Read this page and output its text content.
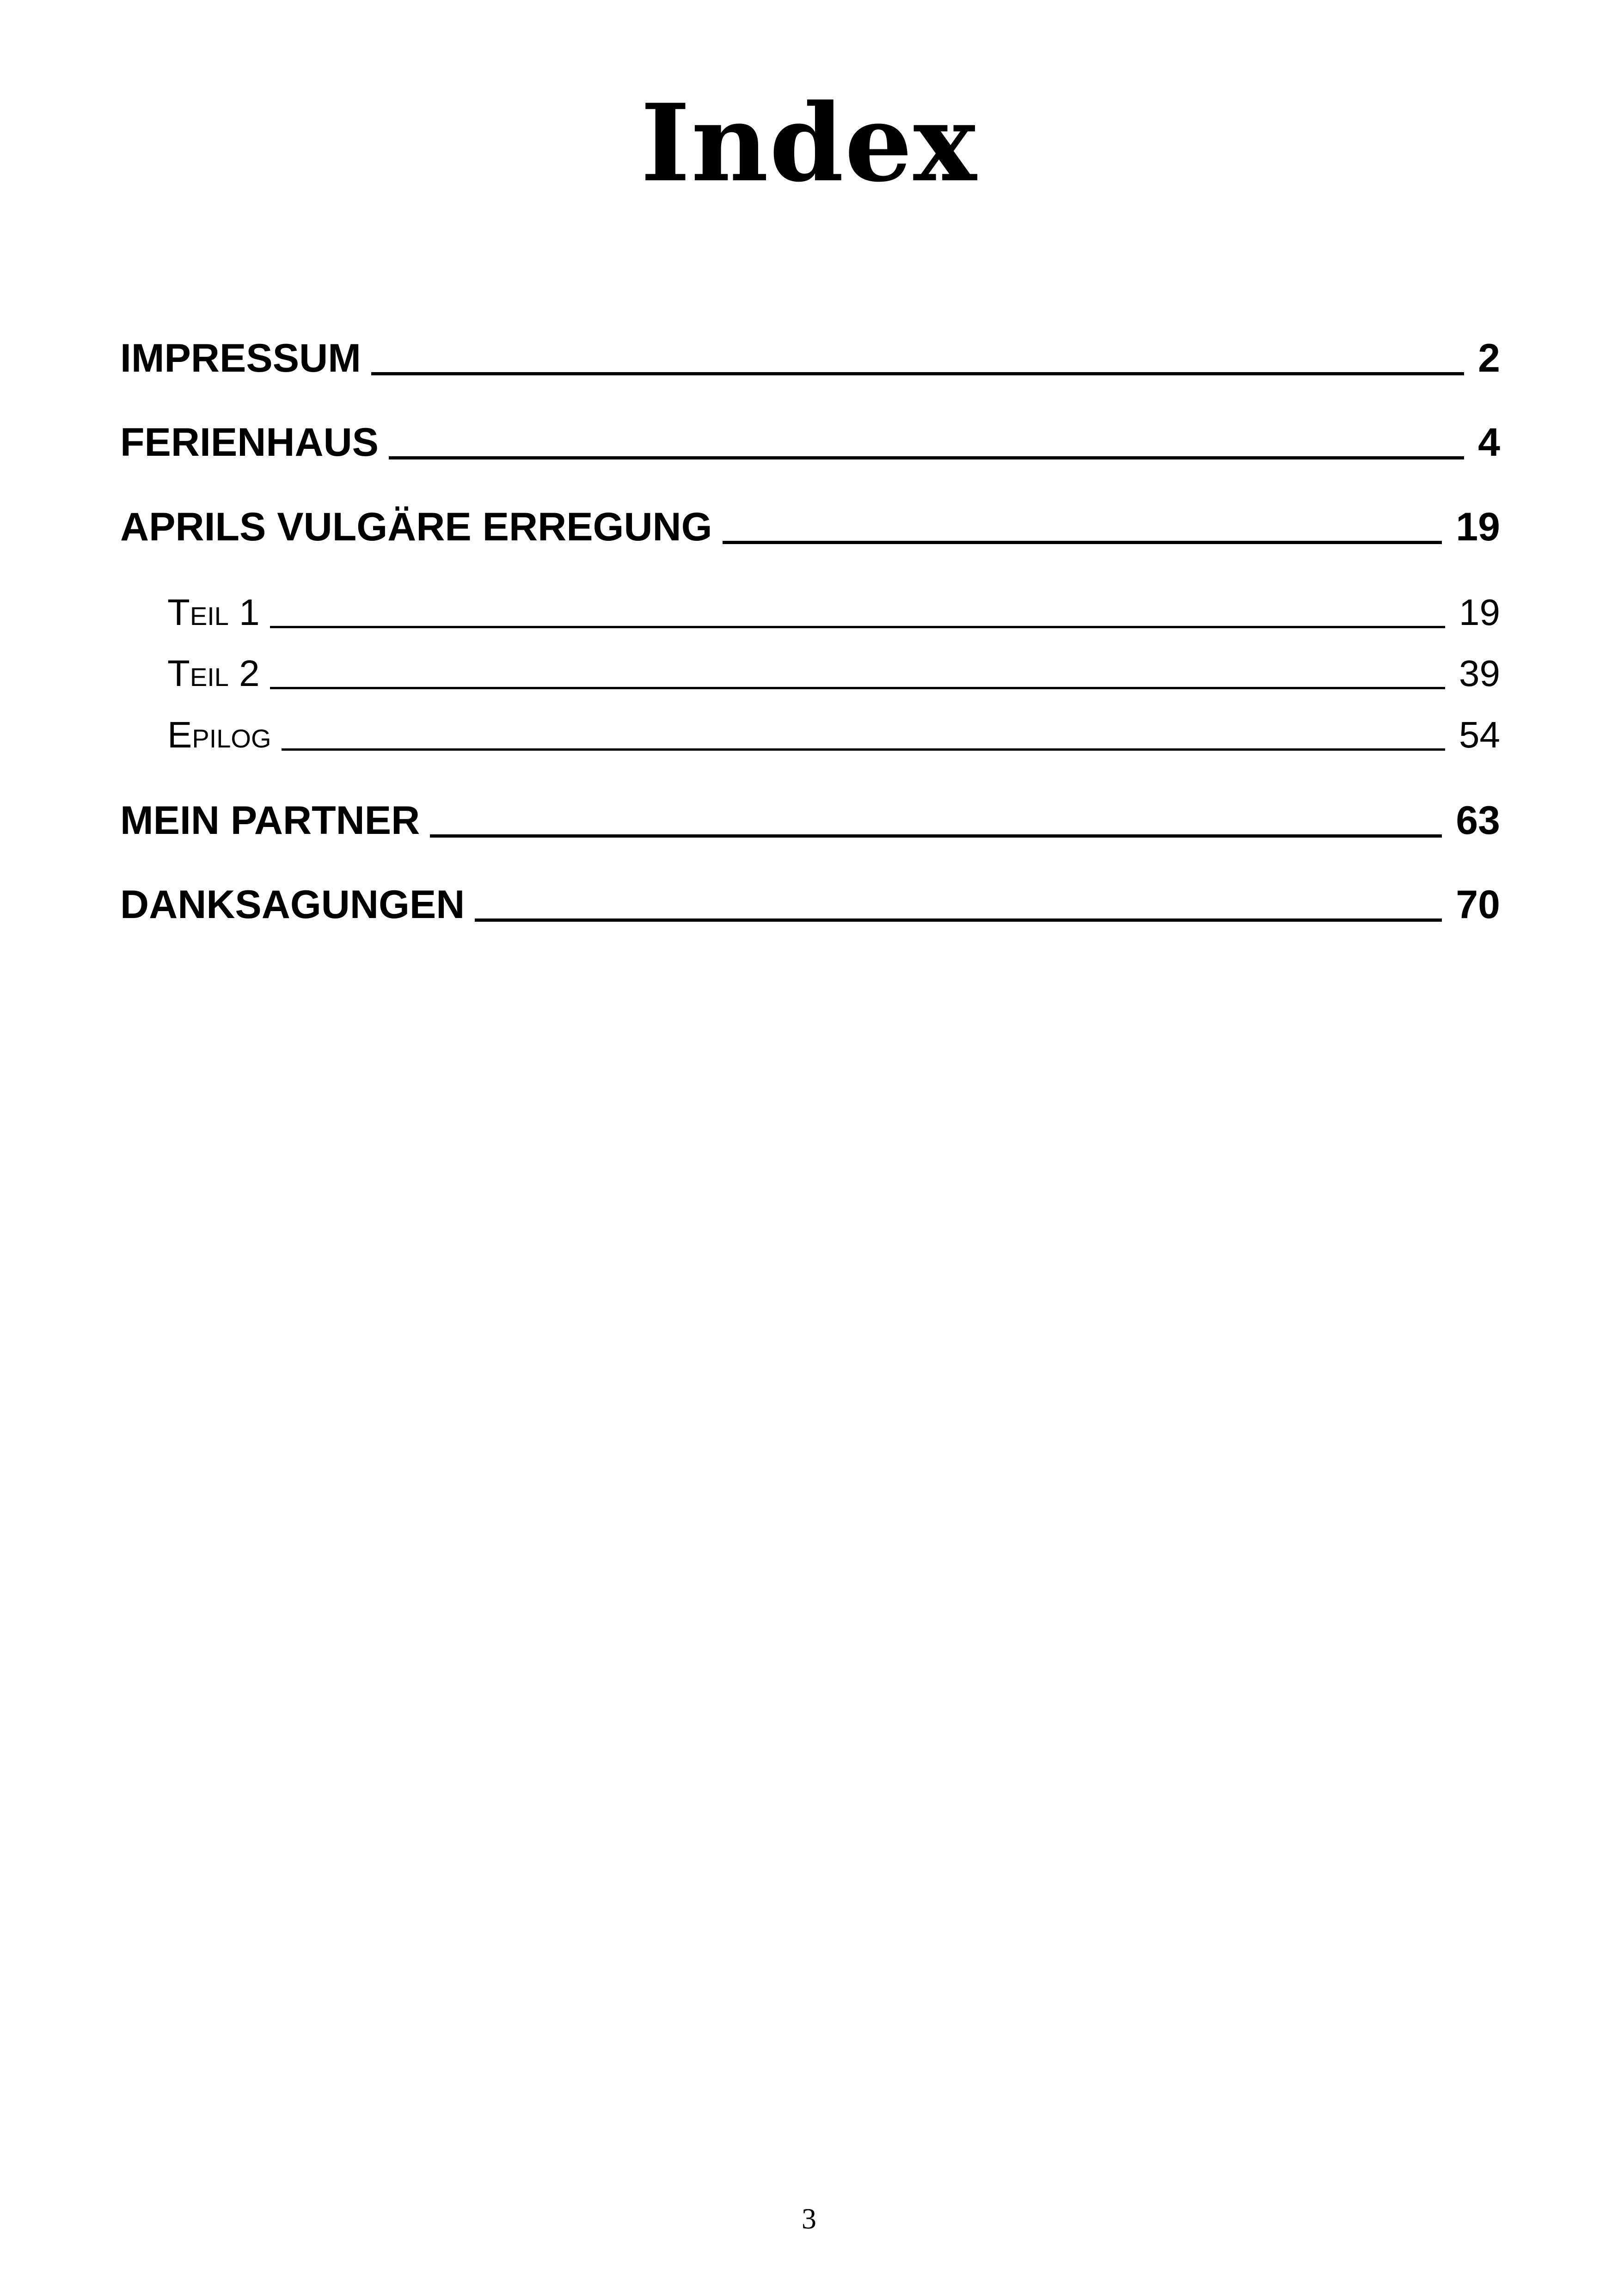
Index
IMPRESSUM	2
FERIENHAUS	4
APRILS VULGÄRE ERREGUNG	19
Teil 1	19
Teil 2	39
Epilog	54
MEIN PARTNER	63
DANKSAGUNGEN	70
3
